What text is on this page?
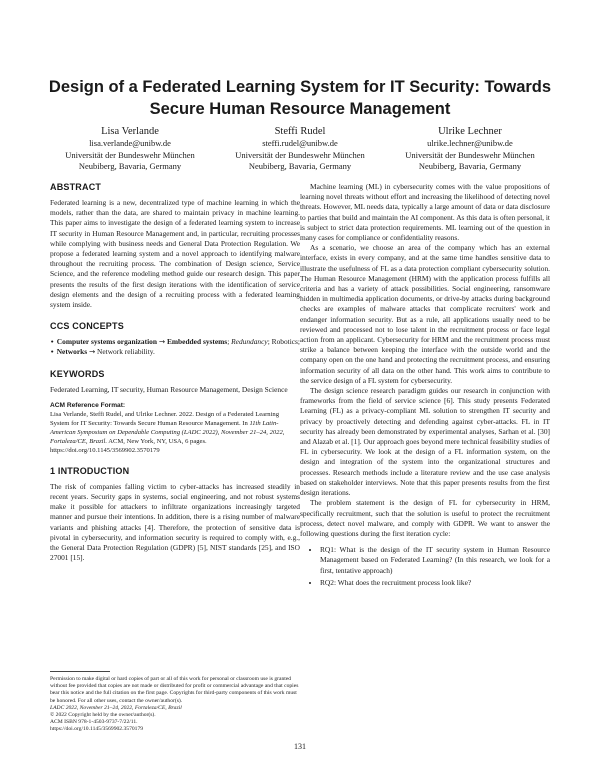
Design of a Federated Learning System for IT Security: Towards Secure Human Resource Management
Lisa Verlande
lisa.verlande@unibw.de
Universität der Bundeswehr München
Neubiberg, Bavaria, Germany
Steffi Rudel
steffi.rudel@unibw.de
Universität der Bundeswehr München
Neubiberg, Bavaria, Germany
Ulrike Lechner
ulrike.lechner@unibw.de
Universität der Bundeswehr München
Neubiberg, Bavaria, Germany
ABSTRACT

Federated learning is a new, decentralized type of machine learning in which the models, rather than the data, are shared to maintain privacy in machine learning. This paper aims to investigate the design of a federated learning system to increase IT security in Human Resource Management and, in particular, recruiting processes while complying with business needs and General Data Protection Regulation. We propose a federated learning system and a novel approach to identifying malware throughout the recruiting process. The combination of Design science, Service Science, and the reference modeling method guide our research design. This paper presents the results of the first design iterations with the identification of service design elements and the design of a recruiting process with a federated learning system inside.

CCS CONCEPTS

• Computer systems organization → Embedded systems; Redundancy; Robotics; • Networks → Network reliability.

KEYWORDS

Federated Learning, IT security, Human Resource Management, Design Science

ACM Reference Format:

Lisa Verlande, Steffi Rudel, and Ulrike Lechner. 2022. Design of a Federated Learning System for IT Security: Towards Secure Human Resource Management. In 11th Latin-American Symposium on Dependable Computing (LADC 2022), November 21–24, 2022, Fortaleza/CE, Brazil. ACM, New York, NY, USA, 6 pages. https://doi.org/10.1145/3569902.3570179

1 INTRODUCTION

The risk of companies falling victim to cyber-attacks has increased steadily in recent years. Security gaps in systems, social engineering, and not robust systems make it possible for attackers to infiltrate organizations increasingly targeted manner and pursue their intentions. In addition, there is a rising number of malware variants and phishing attacks [4]. Therefore, the protection of sensitive data is pivotal in cybersecurity, and information security is required to comply with, e.g., the General Data Protection Regulation (GDPR) [5], NIST standards [25], and ISO 27001 [15].

Permission to make digital or hard copies of part or all of this work for personal or classroom use is granted without fee provided that copies are not made or distributed for profit or commercial advantage and that copies bear this notice and the full citation on the first page. Copyrights for third-party components of this work must be honored. For all other uses, contact the owner/author(s).
LADC 2022, November 21–24, 2022, Fortaleza/CE, Brazil
© 2022 Copyright held by the owner/author(s).
ACM ISBN 978-1-4503-9737-7/22/11.
https://doi.org/10.1145/3569902.3570179

Machine learning (ML) in cybersecurity comes with the value propositions of learning novel threats without effort and increasing the likelihood of detecting novel threats. However, ML needs data, typically a large amount of data or data disclosure to parties that build and maintain the AI component. As this data is often personal, it is subject to strict data protection requirements. ML learning out of the question in many cases for compliance or confidentiality reasons.

As a scenario, we choose an area of the company which has an external interface, exists in every company, and at the same time handles sensitive data to illustrate the usefulness of FL as a data protection compliant cybersecurity solution. The Human Resource Management (HRM) with the application process fulfills all criteria and has a variety of attack possibilities. Social engineering, ransomware hidden in multimedia application documents, or drive-by attacks during background checks are examples of malware attacks that complicate recruiters' work and endanger information security. But as a rule, all applications usually need to be reviewed and processed not to lose talent in the recruitment process or face legal action from an applicant. Cybersecurity for HRM and the recruitment process must strike a balance between keeping the interface with the outside world and the company open on the one hand and protecting the recruitment process, and ensuring information security of all data on the other hand. This work aims to contribute to the service design of a FL system for cybersecurity.

The design science research paradigm guides our research in conjunction with frameworks from the field of service science [6]. This study presents Federated Learning (FL) as a privacy-compliant ML solution to strengthen IT security and privacy by proactively detecting and defending against cyber-attacks. FL in IT security has already been demonstrated by experimental analyses, Sarhan et al. [30] and Alazab et al. [1]. Our approach goes beyond mere technical feasibility studies of FL in cybersecurity. We look at the design of a FL information system, on the design and integration of the system into the organizational structures and processes. Research methods include a literature review and the use case analysis based on stakeholder interviews. Note that this paper presents results from the first design iterations.

The problem statement is the design of FL for cybersecurity in HRM, specifically recruitment, such that the solution is useful to protect the recruitment process, detect novel malware, and comply with GDPR. We want to answer the following questions during the first iteration cycle:

• RQ1: What is the design of the IT security system in Human Resource Management based on Federated Learning? (In this research, we look for a first, tentative approach)
• RQ2: What does the recruitment process look like?
131
